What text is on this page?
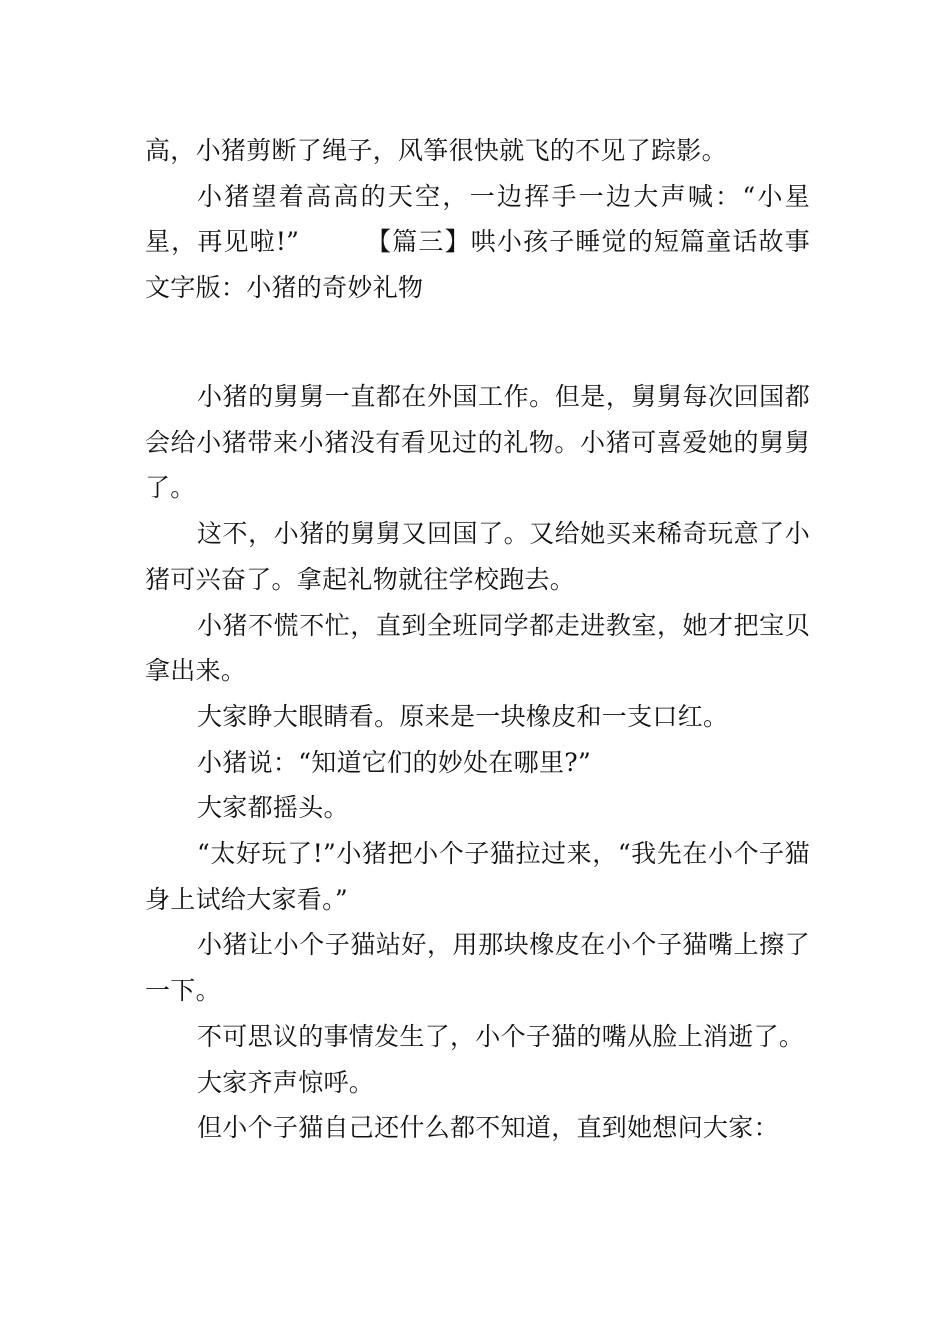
高，小猪剪断了绳子，风筝很快就飞的不见了踪影。

小猪望着高高的天空，一边挥手一边大声喊：“小星星，再见啦!”　　　【篇三】哄小孩子睡觉的短篇童话故事文字版：小猪的奇妙礼物

小猪的舅舅一直都在外国工作。但是，舅舅每次回国都会给小猪带来小猪没有看见过的礼物。小猪可喜爱她的舅舅了。

这不，小猪的舅舅又回国了。又给她买来稀奇玩意了小猪可兴奋了。拿起礼物就往学校跑去。

小猪不慌不忙，直到全班同学都走进教室，她才把宝贝拿出来。

大家睁大眼睛看。原来是一块橡皮和一支口红。

小猪说：“知道它们的妙处在哪里?”

大家都摇头。

“太好玩了!”小猪把小个子猫拉过来，“我先在小个子猫身上试给大家看。”

小猪让小个子猫站好，用那块橡皮在小个子猫嘴上擦了一下。

不可思议的事情发生了，小个子猫的嘴从脸上消逝了。

大家齐声惊呼。

但小个子猫自己还什么都不知道，直到她想问大家：
